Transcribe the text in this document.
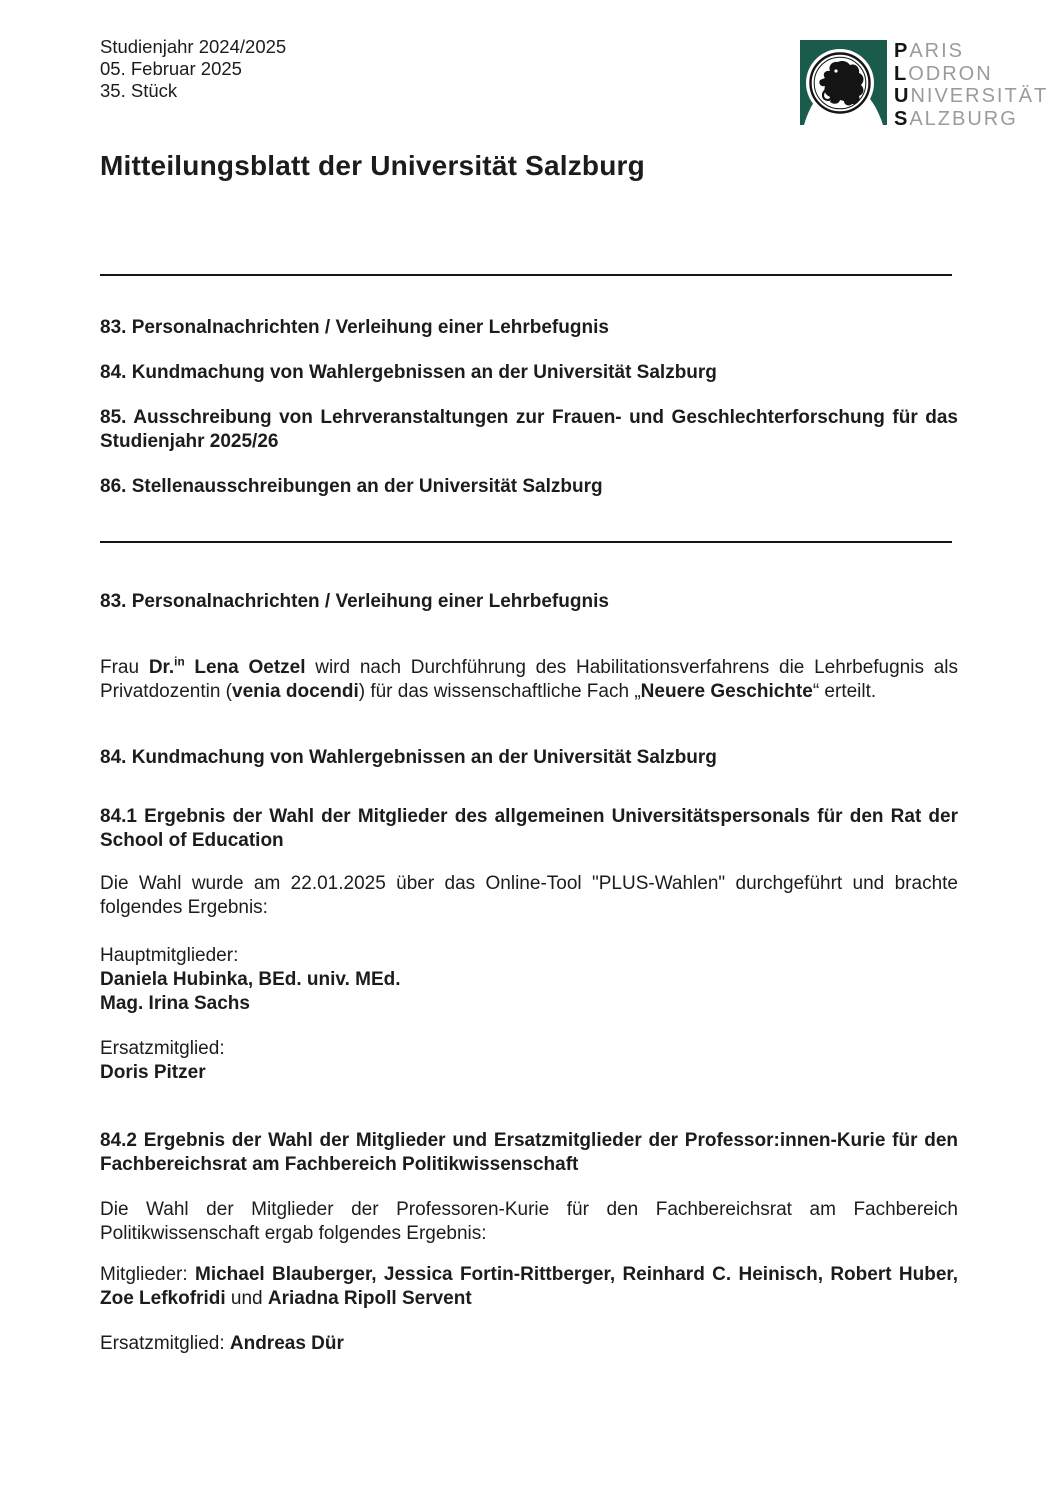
Studienjahr 2024/2025
05. Februar 2025
35. Stück
PARIS
LODRON
UNIVERSITÄT
SALZBURG
Mitteilungsblatt der Universität Salzburg
83. Personalnachrichten / Verleihung einer Lehrbefugnis
84. Kundmachung von Wahlergebnissen an der Universität Salzburg
85. Ausschreibung von Lehrveranstaltungen zur Frauen- und Geschlechterforschung für das Studienjahr 2025/26
86. Stellenausschreibungen an der Universität Salzburg
83. Personalnachrichten / Verleihung einer Lehrbefugnis

Frau Dr.$^{in}$ Lena Oetzel wird nach Durchführung des Habilitationsverfahrens die Lehrbefugnis als Privatdozentin (venia docendi) für das wissenschaftliche Fach „Neuere Geschichte“ erteilt.

84. Kundmachung von Wahlergebnissen an der Universität Salzburg
84.1 Ergebnis der Wahl der Mitglieder des allgemeinen Universitätspersonals für den Rat der School of Education

Die Wahl wurde am 22.01.2025 über das Online-Tool "PLUS-Wahlen" durchgeführt und brachte folgendes Ergebnis:

Hauptmitglieder:
Daniela Hubinka, BEd. univ. MEd.
Mag. Irina Sachs
Ersatzmitglied:
Doris Pitzer
84.2 Ergebnis der Wahl der Mitglieder und Ersatzmitglieder der Professor:innen-Kurie für den Fachbereichsrat am Fachbereich Politikwissenschaft

Die Wahl der Mitglieder der Professoren-Kurie für den Fachbereichsrat am Fachbereich Politikwissenschaft ergab folgendes Ergebnis:

Mitglieder: Michael Blauberger, Jessica Fortin-Rittberger, Reinhard C. Heinisch, Robert Huber, Zoe Lefkofridi und Ariadna Ripoll Servent

Ersatzmitglied: Andreas Dür
